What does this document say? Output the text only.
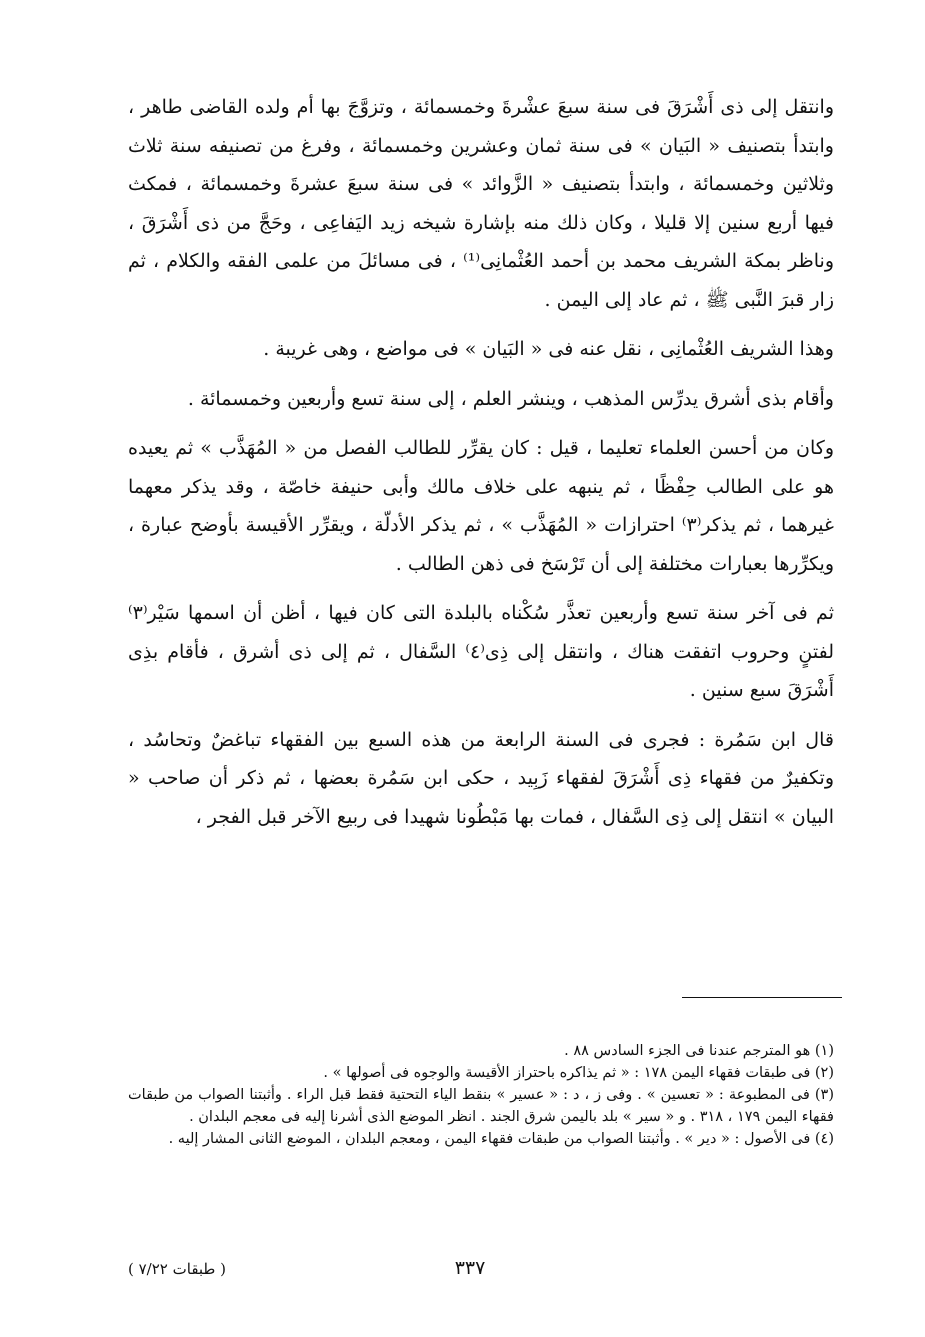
وانتقل إلى ذى أَشْرَقَ فى سنة سبعَ عشْرةَ وخمسمائة ، وتزوَّجَ بها أم ولده القاضى طاهر ، وابتدأ بتصنيف « البَيان » فى سنة ثمان وعشرين وخمسمائة ، وفرغ من تصنيفه سنة ثلاث وثلاثين وخمسمائة ، وابتدأ بتصنيف « الزَّوائد » فى سنة سبعَ عشرةَ وخمسمائة ، فمكث فيها أربع سنين إلا قليلا ، وكان ذلك منه بإشارة شيخه زيد اليَفاعِى ، وحَجَّ من ذى أَشْرَقَ ، وناظر بمكة الشريف محمد بن أحمد العُثْمانِى⁽¹⁾ ، فى مسائلَ من علمى الفقه والكلام ، ثم زار قبرَ النَّبى ﷺ ، ثم عاد إلى اليمن .

وهذا الشريف العُثْمانِى ، نقل عنه فى « البَيان » فى مواضع ، وهى غريبة .

وأقام بذى أشرق يدرِّس المذهب ، وينشر العلم ، إلى سنة تسع وأربعين وخمسمائة .

وكان من أحسن العلماء تعليما ، قيل : كان يقرِّر للطالب الفصل من « المُهَذَّب » ثم يعيده هو على الطالب حِفْظًا ، ثم ينبهه على خلاف مالك وأبى حنيفة خاصّة ، وقد يذكر معهما غيرهما ، ثم يذكر⁽٣⁾ احترازات « المُهَذَّب » ، ثم يذكر الأدلّة ، ويقرِّر الأقيسة بأوضح عبارة ، ويكرِّرها بعبارات مختلفة إلى أن تَرْسَخ فى ذهن الطالب .

ثم فى آخر سنة تسع وأربعين تعذَّر سُكْناه بالبلدة التى كان فيها ، أظن أن اسمها سَيْر⁽٣⁾ لفتنٍ وحروب اتفقت هناك ، وانتقل إلى ذِى⁽٤⁾ السَّفال ، ثم إلى ذى أشرق ، فأقام بذِى أَشْرَقَ سبع سنين .

قال ابن سَمُرة : فجرى فى السنة الرابعة من هذه السبع بين الفقهاء تباغضٌ وتحاسُد ، وتكفيرٌ من فقهاء ذِى أَشْرَقَ لفقهاء زَبِيد ، حكى ابن سَمُرة بعضها ، ثم ذكر أن صاحب « البيان » انتقل إلى ذِى السَّفال ، فمات بها مَبْطُونا شهيدا فى ربيع الآخر قبل الفجر ،

(١) هو المترجم عندنا فى الجزء السادس ٨٨ .

(٢) فى طبقات فقهاء اليمن ١٧٨ : « ثم يذاكره باحتراز الأقيسة والوجوه فى أصولها » .

(٣) فى المطبوعة : « تعسين » . وفى ز ، د : « عسير » بنقط الياء التحتية فقط قبل الراء . وأثبتنا الصواب من طبقات فقهاء اليمن ١٧٩ ، ٣١٨ . و « سير » بلد باليمن شرق الجند . انظر الموضع الذى أشرنا إليه فى معجم البلدان .

(٤) فى الأصول : « دير » . وأثبتنا الصواب من طبقات فقهاء اليمن ، ومعجم البلدان ، الموضع الثانى المشار إليه .

٣٣٧
( طبقات ٧/٢٢ )
